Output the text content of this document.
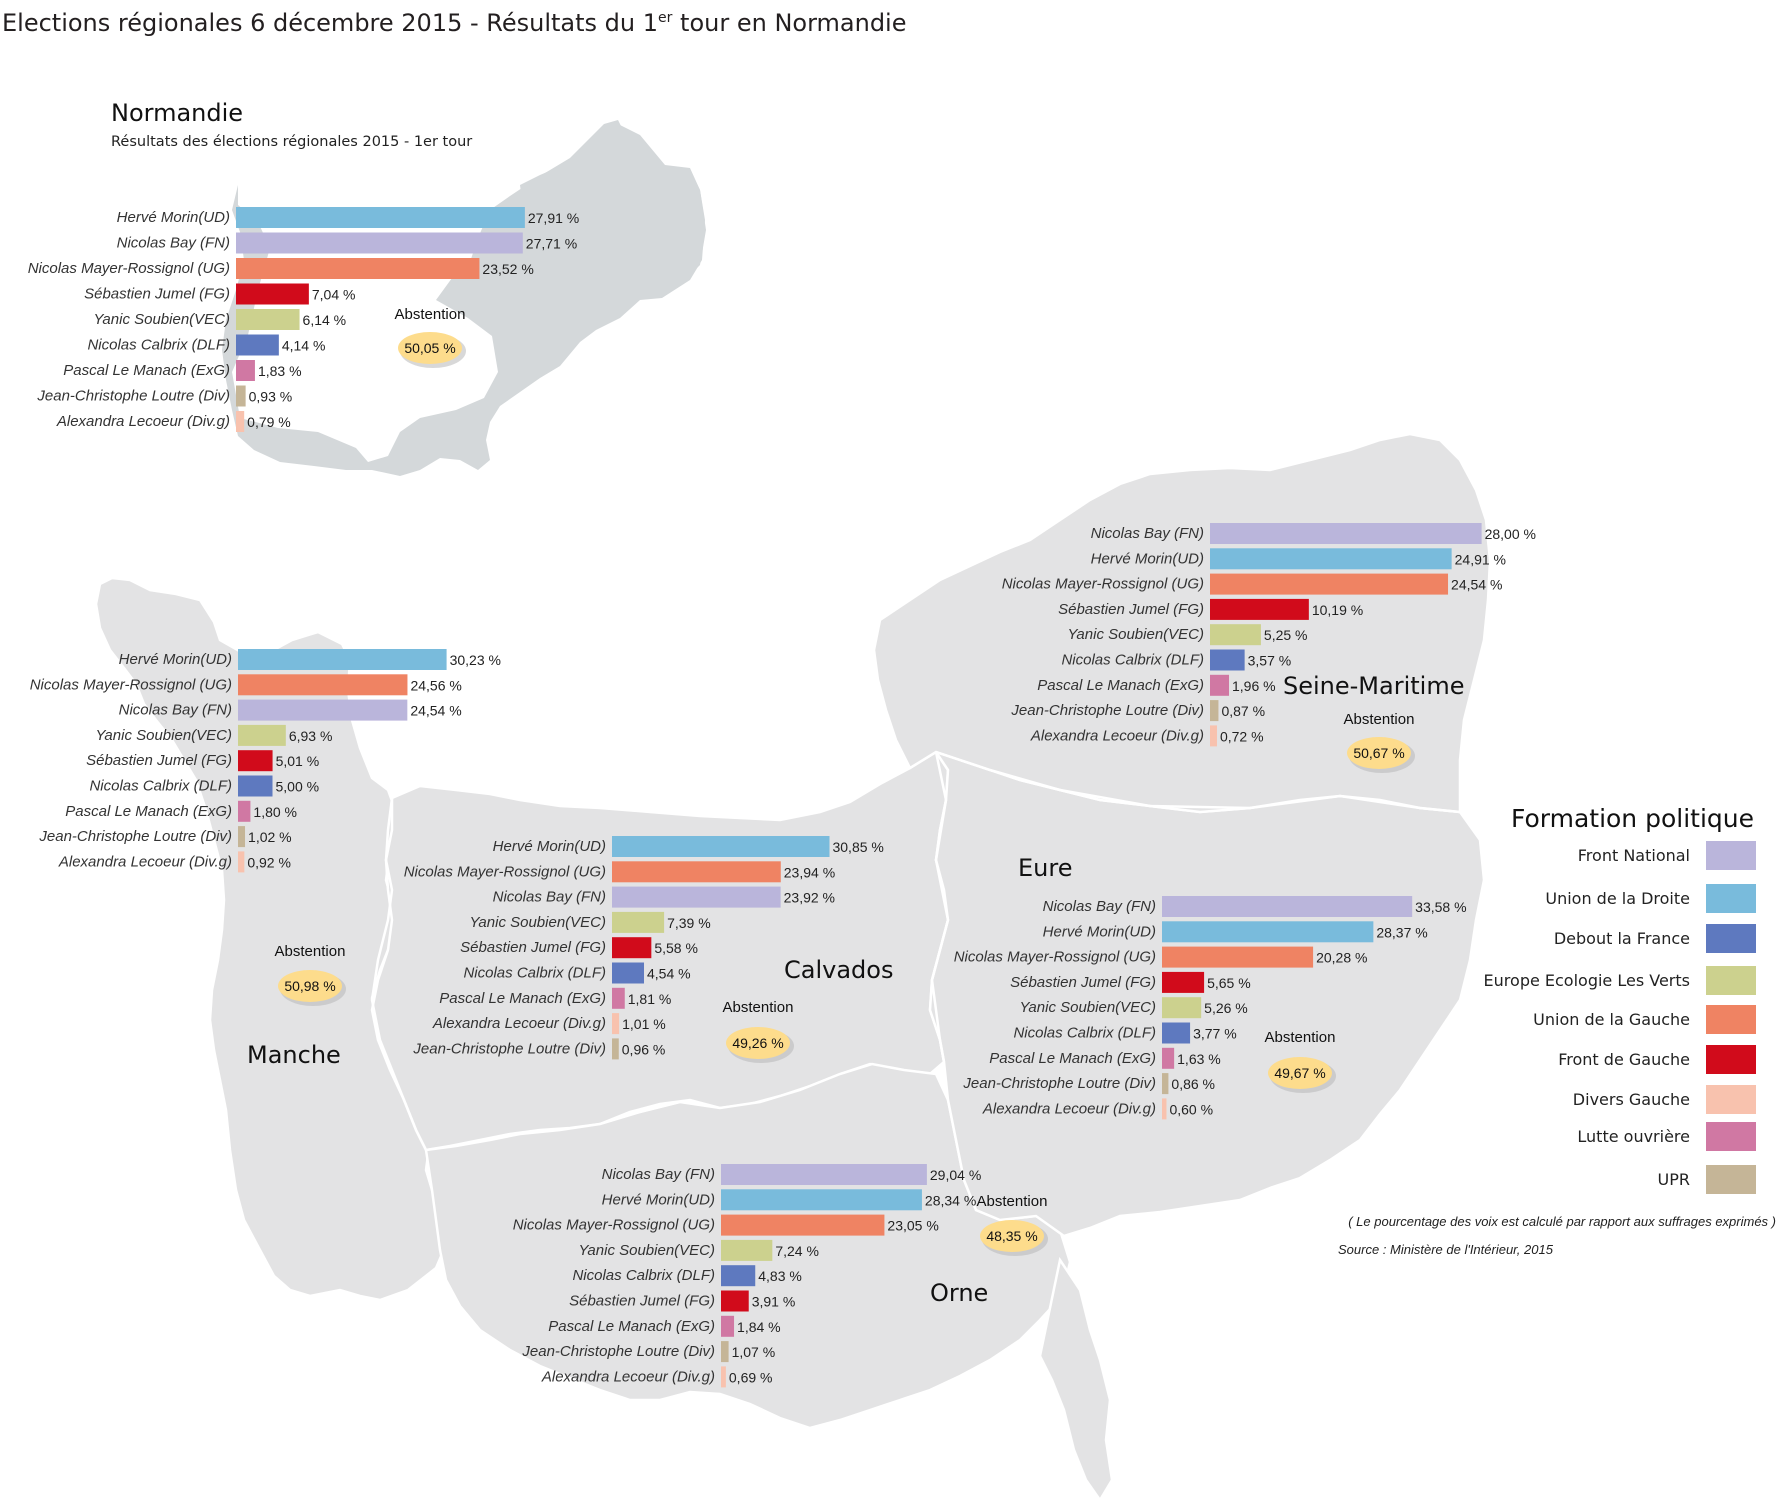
Elections régionales 6 décembre 2015 - Résultats du 1er tour en Normandie
Hervé Morin(UD)	27,91 %
Nicolas Bay (FN)	27,71 %
Nicolas Mayer-Rossignol (UG)	23,52 %
Sébastien Jumel (FG)	7,04 %
Yanic Soubien(VEC)	6,14 %
Nicolas Calbrix (DLF)	4,14 %
Pascal Le Manach (ExG) 1,83 %
Jean-Christophe Loutre (Div) 0,93 %
Alexandra Lecoeur (Div.g) 0,79 %
Abstention
50,05 %
Nicolas Bay (FN)	28,00 %
Hervé Morin(UD)	24,91 %
Nicolas Mayer-Rossignol (UG)	24,54 %
Sébastien Jumel (FG)	10,19 %
Yanic Soubien(VEC)	5,25 %
Nicolas Calbrix (DLF)	3,57 %
Pascal Le Manach (ExG) 1,96 %
Jean-Christophe Loutre (Div) 0,87 %
Alexandra Lecoeur (Div.g) 0,72 %
Abstention
50,67 %
Hervé Morin(UD)	30,23 %
Nicolas Mayer-Rossignol (UG)	24,56 %
Nicolas Bay (FN)	24,54 %
Yanic Soubien(VEC)	6,93 %
Sébastien Jumel (FG)	5,01 %
Nicolas Calbrix (DLF)	5,00 %
Pascal Le Manach (ExG) 1,80 %
Jean-Christophe Loutre (Div) 1,02 %
Alexandra Lecoeur (Div.g) 0,92 %
Abstention
50,98 %
Hervé Morin(UD)	30,85 %
Nicolas Mayer-Rossignol (UG)	23,94 %
Nicolas Bay (FN)	23,92 %
Yanic Soubien(VEC)	7,39 %
Sébastien Jumel (FG)	5,58 %
Nicolas Calbrix (DLF)	4,54 %
Pascal Le Manach (ExG) 1,81 %
Alexandra Lecoeur (Div.g) 1,01 %
Jean-Christophe Loutre (Div) 0,96 %
Abstention
49,26 %
Nicolas Bay (FN)	33,58 %
Hervé Morin(UD)	28,37 %
Nicolas Mayer-Rossignol (UG)	20,28 %
Sébastien Jumel (FG)	5,65 %
Yanic Soubien(VEC)	5,26 %
Nicolas Calbrix (DLF)	3,77 %
Pascal Le Manach (ExG) 1,63 %
Jean-Christophe Loutre (Div) 0,86 %
Alexandra Lecoeur (Div.g) 0,60 %
Abstention
49,67 %
Nicolas Bay (FN)	29,04 %
Hervé Morin(UD)	28,34 %
Nicolas Mayer-Rossignol (UG)	23,05 %
Yanic Soubien(VEC)	7,24 %
Nicolas Calbrix (DLF)	4,83 %
Sébastien Jumel (FG)	3,91 %
Pascal Le Manach (ExG) 1,84 %
Jean-Christophe Loutre (Div) 1,07 %
Alexandra Lecoeur (Div.g) 0,69 %
Abstention
48,35 %
Seine-Maritime
Manche
Calvados
Eure
Orne
Normandie
Résultats des élections régionales 2015 - 1er tour
Formation politique
Front National
Union de la Droite
Debout la France
Europe Ecologie Les Verts
Union de la Gauche
Front de Gauche
Divers Gauche
Lutte ouvrière
UPR
( Le pourcentage des voix est calculé par rapport aux suffrages exprimés )
Source : Ministère de l'Intérieur, 2015
